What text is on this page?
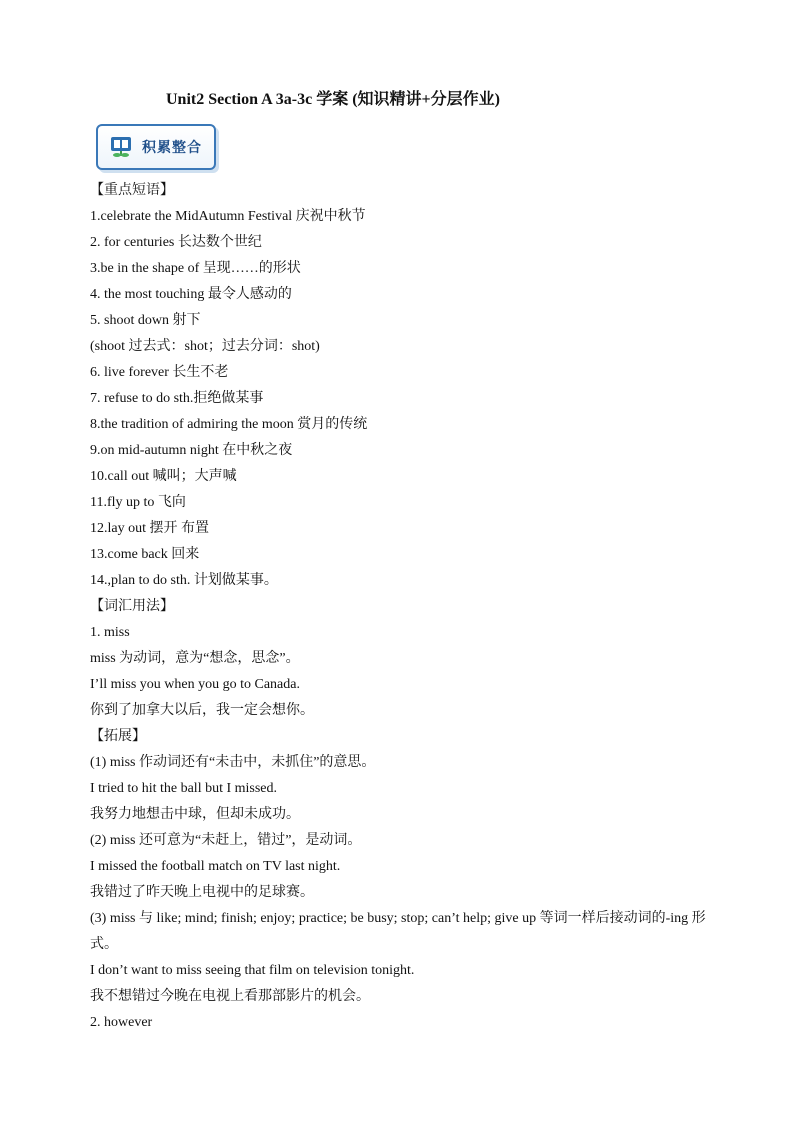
Unit2 Section A 3a-3c 学案 (知识精讲+分层作业)
积累整合
【重点短语】
1.celebrate the MidAutumn Festival 庆祝中秋节
2. for centuries 长达数个世纪
3.be in the shape of 呈现……的形状
4. the most touching 最令人感动的
5. shoot down 射下
(shoot 过去式：shot；过去分词：shot)
6. live forever 长生不老
7. refuse to do sth.拒绝做某事
8.the tradition of admiring the moon 赏月的传统
9.on mid-autumn night 在中秋之夜
10.call out 喊叫；大声喊
11.fly up to 飞向
12.lay out 摆开 布置
13.come back 回来
14.,plan to do sth. 计划做某事。
【词汇用法】
1. miss
miss 为动词，意为“想念，思念”。
I’ll miss you when you go to Canada.
你到了加拿大以后，我一定会想你。
【拓展】
(1) miss 作动词还有“未击中，未抓住”的意思。
I tried to hit the ball but I missed.
我努力地想击中球，但却未成功。
(2) miss 还可意为“未赶上，错过”，是动词。
I missed the football match on TV last night.
我错过了昨天晚上电视中的足球赛。
(3) miss 与 like; mind; finish; enjoy; practice; be busy; stop; can’t help; give up 等词一样后接动词的-ing 形式。
I don’t want to miss seeing that film on television tonight.
我不想错过今晚在电视上看那部影片的机会。
2. however
